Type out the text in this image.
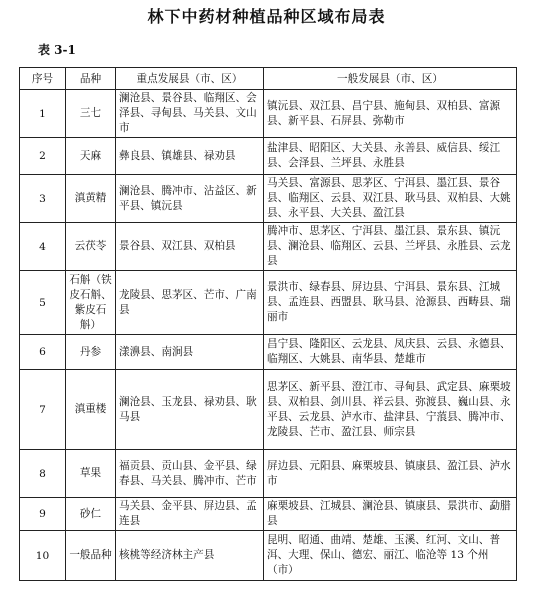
林下中药材种植品种区域布局表
表 3-1
序号	品种	重点发展县（市、区）	一般发展县（市、区）
1	三七	澜沧县、景谷县、临翔区、会泽县、寻甸县、马关县、文山市	镇沅县、双江县、昌宁县、施甸县、双柏县、富源县、新平县、石屏县、弥勒市
2	天麻	彝良县、镇雄县、禄劝县	盐津县、昭阳区、大关县、永善县、威信县、绥江县、会泽县、兰坪县、永胜县
3	滇黄精	澜沧县、腾冲市、沾益区、新平县、镇沅县	马关县、富源县、思茅区、宁洱县、墨江县、景谷县、临翔区、云县、双江县、耿马县、双柏县、大姚县、永平县、大关县、盈江县
4	云茯苓	景谷县、双江县、双柏县	腾冲市、思茅区、宁洱县、墨江县、景东县、镇沅县、澜沧县、临翔区、云县、兰坪县、永胜县、云龙县
5	石斛（铁皮石斛、紫皮石斛）	龙陵县、思茅区、芒市、广南县	景洪市、绿春县、屏边县、宁洱县、景东县、江城县、孟连县、西盟县、耿马县、沧源县、西畴县、瑞丽市
6	丹参	漾濞县、南涧县	昌宁县、隆阳区、云龙县、凤庆县、云县、永德县、临翔区、大姚县、南华县、楚雄市
7	滇重楼	澜沧县、玉龙县、禄劝县、耿马县	思茅区、新平县、澄江市、寻甸县、武定县、麻栗坡县、双柏县、剑川县、祥云县、弥渡县、巍山县、永平县、云龙县、泸水市、盐津县、宁蒗县、腾冲市、龙陵县、芒市、盈江县、师宗县
8	草果	福贡县、贡山县、金平县、绿春县、马关县、腾冲市、芒市	屏边县、元阳县、麻栗坡县、镇康县、盈江县、泸水市
9	砂仁	马关县、金平县、屏边县、孟连县	麻栗坡县、江城县、澜沧县、镇康县、景洪市、勐腊县
10	一般品种	核桃等经济林主产县	昆明、昭通、曲靖、楚雄、玉溪、红河、文山、普洱、大理、保山、德宏、丽江、临沧等 13 个州（市）
